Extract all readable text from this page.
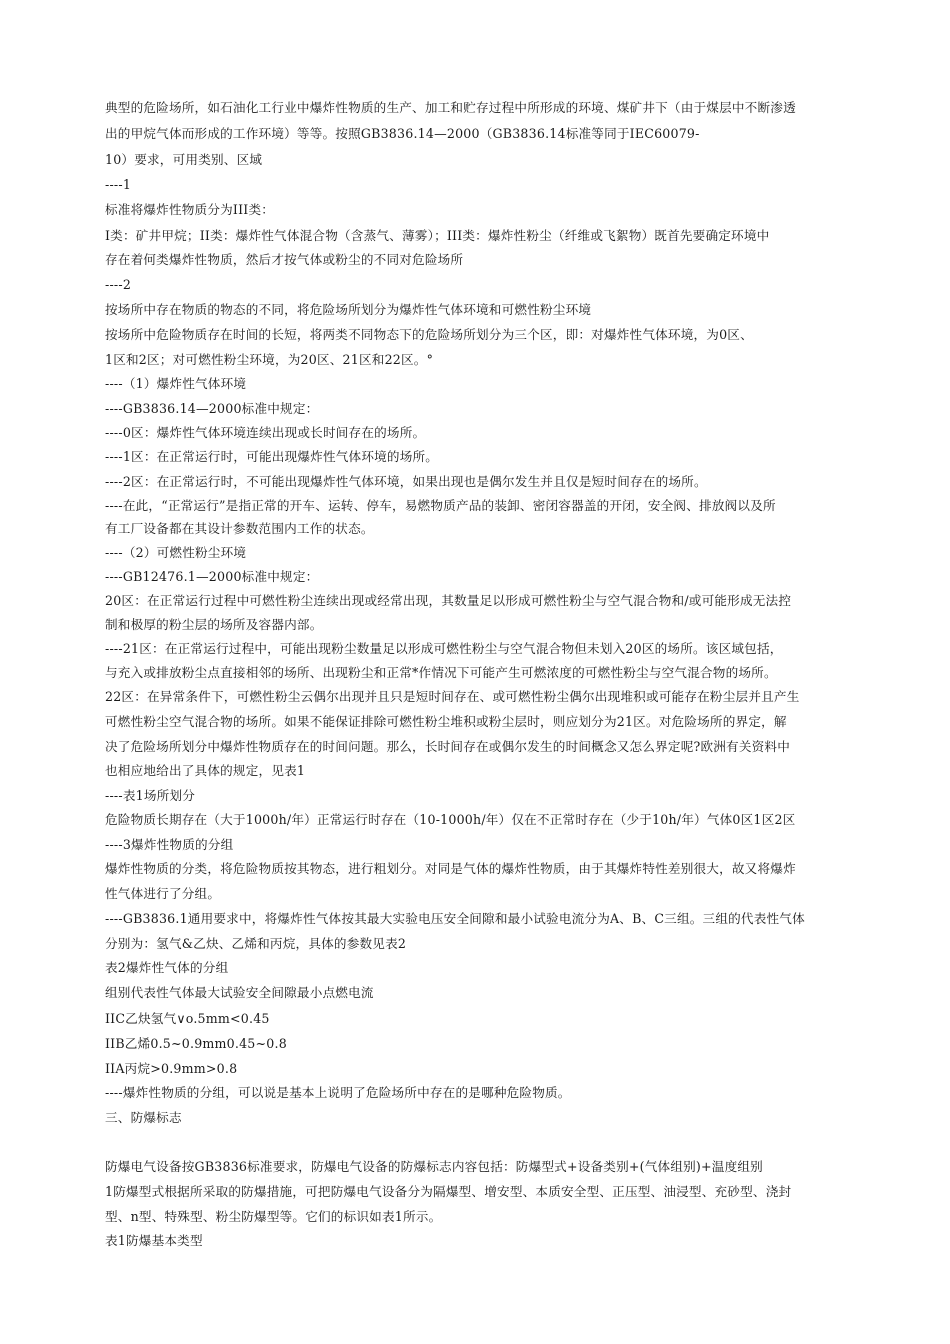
典型的危险场所，如石油化工行业中爆炸性物质的生产、加工和贮存过程中所形成的环境、煤矿井下（由于煤层中不断渗透
出的甲烷气体而形成的工作环境）等等。按照GB3836.14—2000（GB3836.14标准等同于IEC60079-
10）要求，可用类别、区域
----1
标准将爆炸性物质分为III类：
I类：矿井甲烷；II类：爆炸性气体混合物（含蒸气、薄雾）；III类：爆炸性粉尘（纤维或飞絮物）既首先要确定环境中
存在着何类爆炸性物质，然后才按气体或粉尘的不同对危险场所
----2
按场所中存在物质的物态的不同，将危险场所划分为爆炸性气体环境和可燃性粉尘环境
按场所中危险物质存在时间的长短，将两类不同物态下的危险场所划分为三个区，即：对爆炸性气体环境，为0区、
1区和2区；对可燃性粉尘环境，为20区、21区和22区。°
----（1）爆炸性气体环境
----GB3836.14—2000标准中规定：
----0区：爆炸性气体环境连续出现或长时间存在的场所。
----1区：在正常运行时，可能出现爆炸性气体环境的场所。
----2区：在正常运行时，不可能出现爆炸性气体环境，如果出现也是偶尔发生并且仅是短时间存在的场所。
----在此，“正常运行”是指正常的开车、运转、停车，易燃物质产品的装卸、密闭容器盖的开闭，安全阀、排放阀以及所
有工厂设备都在其设计参数范围内工作的状态。
----（2）可燃性粉尘环境
----GB12476.1—2000标准中规定：
20区：在正常运行过程中可燃性粉尘连续出现或经常出现，其数量足以形成可燃性粉尘与空气混合物和/或可能形成无法控
制和极厚的粉尘层的场所及容器内部。
----21区：在正常运行过程中，可能出现粉尘数量足以形成可燃性粉尘与空气混合物但未划入20区的场所。该区域包括，
与充入或排放粉尘点直接相邻的场所、出现粉尘和正常*作情况下可能产生可燃浓度的可燃性粉尘与空气混合物的场所。
22区：在异常条件下，可燃性粉尘云偶尔出现并且只是短时间存在、或可燃性粉尘偶尔出现堆积或可能存在粉尘层并且产生
可燃性粉尘空气混合物的场所。如果不能保证排除可燃性粉尘堆积或粉尘层时，则应划分为21区。对危险场所的界定，解
决了危险场所划分中爆炸性物质存在的时间问题。那么，长时间存在或偶尔发生的时间概念又怎么界定呢?欧洲有关资料中
也相应地给出了具体的规定，见表1
----表1场所划分
危险物质长期存在（大于1000h/年）正常运行时存在（10-1000h/年）仅在不正常时存在（少于10h/年）气体0区1区2区
----3爆炸性物质的分组
爆炸性物质的分类，将危险物质按其物态，进行粗划分。对同是气体的爆炸性物质，由于其爆炸特性差别很大，故又将爆炸
性气体进行了分组。
----GB3836.1通用要求中，将爆炸性气体按其最大实验电压安全间隙和最小试验电流分为A、B、C三组。三组的代表性气体
分别为：氢气&乙炔、乙烯和丙烷，具体的参数见表2
表2爆炸性气体的分组
组别代表性气体最大试验安全间隙最小点燃电流
IIC乙炔氢气∨o.5mm<0.45
IIB乙烯0.5~0.9mm0.45~0.8
IIA丙烷>0.9mm>0.8
----爆炸性物质的分组，可以说是基本上说明了危险场所中存在的是哪种危险物质。
三、防爆标志
防爆电气设备按GB3836标准要求，防爆电气设备的防爆标志内容包括：防爆型式+设备类别+(气体组别)+温度组别
1防爆型式根据所采取的防爆措施，可把防爆电气设备分为隔爆型、增安型、本质安全型、正压型、油浸型、充砂型、浇封
型、n型、特殊型、粉尘防爆型等。它们的标识如表1所示。
表1防爆基本类型
